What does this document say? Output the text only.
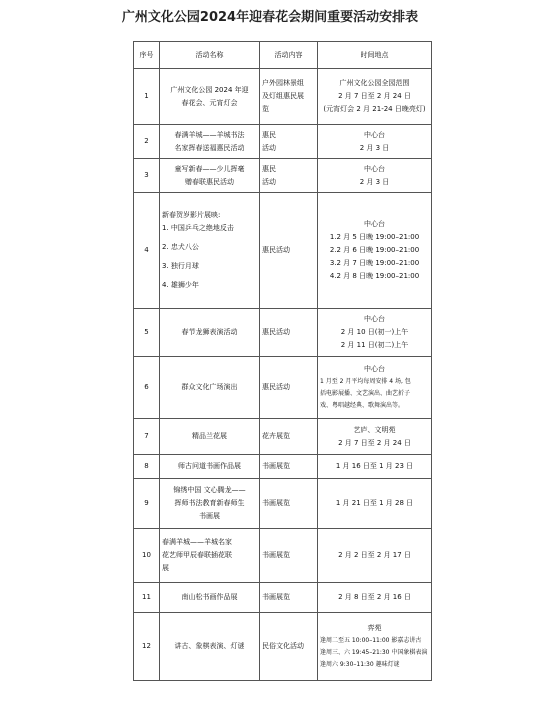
广州文化公园2024年迎春花会期间重要活动安排表
序号	活动名称	活动内容	时间地点
1	广州文化公园 2024 年迎
春花会、元宵灯会	户外园林景组
及灯组惠民展
览	广州文化公园全园范围
2 月 7 日至 2 月 24 日
(元宵灯会 2 月 21-24 日晚亮灯)

2	春满羊城——羊城书法
名家挥春送福惠民活动	惠民
活动	中心台
2 月 3 日

3	童写新春——少儿挥毫
赠春联惠民活动	惠民
活动	中心台
2 月 3 日

4	新春贺岁影片展映:
1. 中国乒乓之绝地反击
2. 忠犬八公
3. 独行月球
4. 雄狮少年	惠民活动	中心台
1.2 月 5 日晚 19:00–21:00
2.2 月 6 日晚 19:00–21:00
3.2 月 7 日晚 19:00–21:00
4.2 月 8 日晚 19:00–21:00

5	春节龙狮表演活动	惠民活动	中心台
2 月 10 日(初一)上午
2 月 11 日(初二)上午

6	群众文化广场演出	惠民活动	中心台
1 月至 2 月平均每周安排 4 场, 包
括电影展播、文艺演出、曲艺折子
戏、粤唱越经典、歌舞演出等。

7	精品兰花展	花卉展览	艺庐、文明苑
2 月 7 日至 2 月 24 日

8	师古问道书画作品展	书画展览	1 月 16 日至 1 月 23 日

9	锦绣中国 文心腾龙——
挥师书法教育新春师生
书画展	书画展览	1 月 21 日至 1 月 28 日

10	春满羊城——羊城名家
花艺师甲辰春联插花联
展	书画展览	2 月 2 日至 2 月 17 日

11	南山松书画作品展	书画展览	2 月 8 日至 2 月 16 日

12	讲古、象棋表演、灯谜	民俗文化活动	弈苑
逢周二至五 10:00–11:00 影嘉志讲古
逢周三、六 19:45–21:30 中国象棋表演
逢周六 9:30–11:30 趣味灯谜
